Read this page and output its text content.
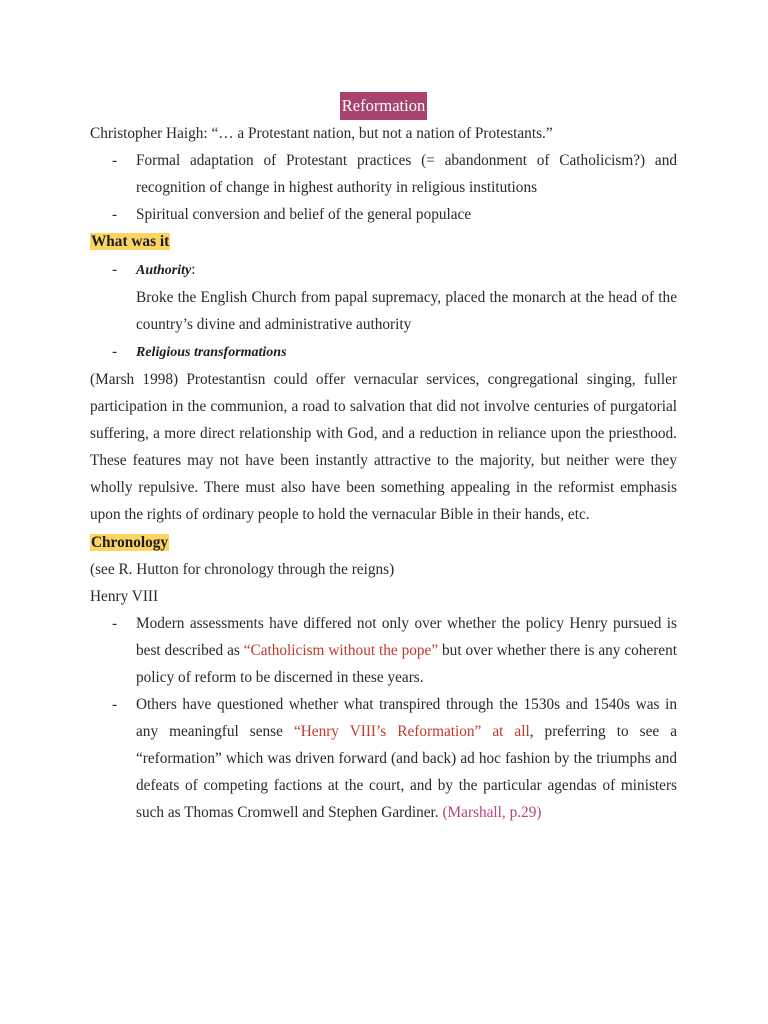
Reformation

Christopher Haigh: “… a Protestant nation, but not a nation of Protestants.”

- Formal adaptation of Protestant practices (= abandonment of Catholicism?) and recognition of change in highest authority in religious institutions
- Spiritual conversion and belief of the general populace

What was it

- Authority:

Broke the English Church from papal supremacy, placed the monarch at the head of the country’s divine and administrative authority

- Religious transformations

(Marsh 1998) Protestantisn could offer vernacular services, congregational singing, fuller participation in the communion, a road to salvation that did not involve centuries of purgatorial suffering, a more direct relationship with God, and a reduction in reliance upon the priesthood. These features may not have been instantly attractive to the majority, but neither were they wholly repulsive. There must also have been something appealing in the reformist emphasis upon the rights of ordinary people to hold the vernacular Bible in their hands, etc.

Chronology

(see R. Hutton for chronology through the reigns)

Henry VIII

- Modern assessments have differed not only over whether the policy Henry pursued is best described as “Catholicism without the pope” but over whether there is any coherent policy of reform to be discerned in these years.
- Others have questioned whether what transpired through the 1530s and 1540s was in any meaningful sense “Henry VIII’s Reformation” at all, preferring to see a “reformation” which was driven forward (and back) ad hoc fashion by the triumphs and defeats of competing factions at the court, and by the particular agendas of ministers such as Thomas Cromwell and Stephen Gardiner. (Marshall, p.29)
